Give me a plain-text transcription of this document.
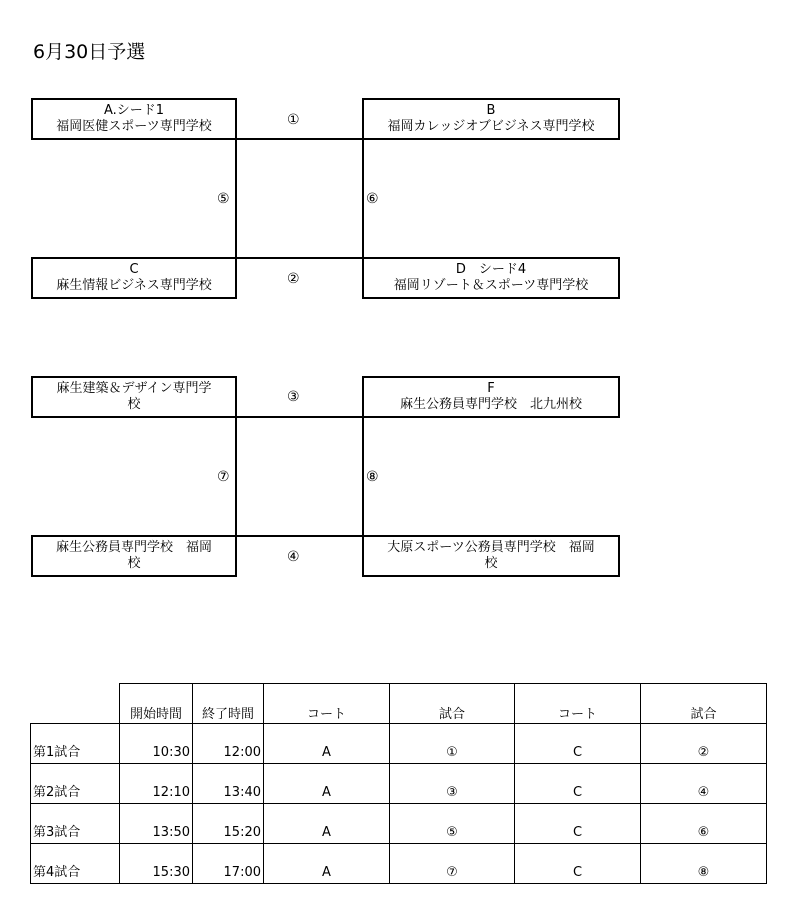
6月30日予選
A.シード1
福岡医健スポーツ専門学校
B
福岡カレッジオブビジネス専門学校
C
麻生情報ビジネス専門学校
D　シード4
福岡リゾート＆スポーツ専門学校
①
②
⑤	⑥
麻生建築＆デザイン専門学
校
F
麻生公務員専門学校　北九州校
麻生公務員専門学校　福岡
校
大原スポーツ公務員専門学校　福岡
校
③
④
⑦	⑧
	開始時間	終了時間	コート	試合	コート	試合
第1試合	10:30	12:00	A	①	C	②
第2試合	12:10	13:40	A	③	C	④
第3試合	13:50	15:20	A	⑤	C	⑥
第4試合	15:30	17:00	A	⑦	C	⑧
